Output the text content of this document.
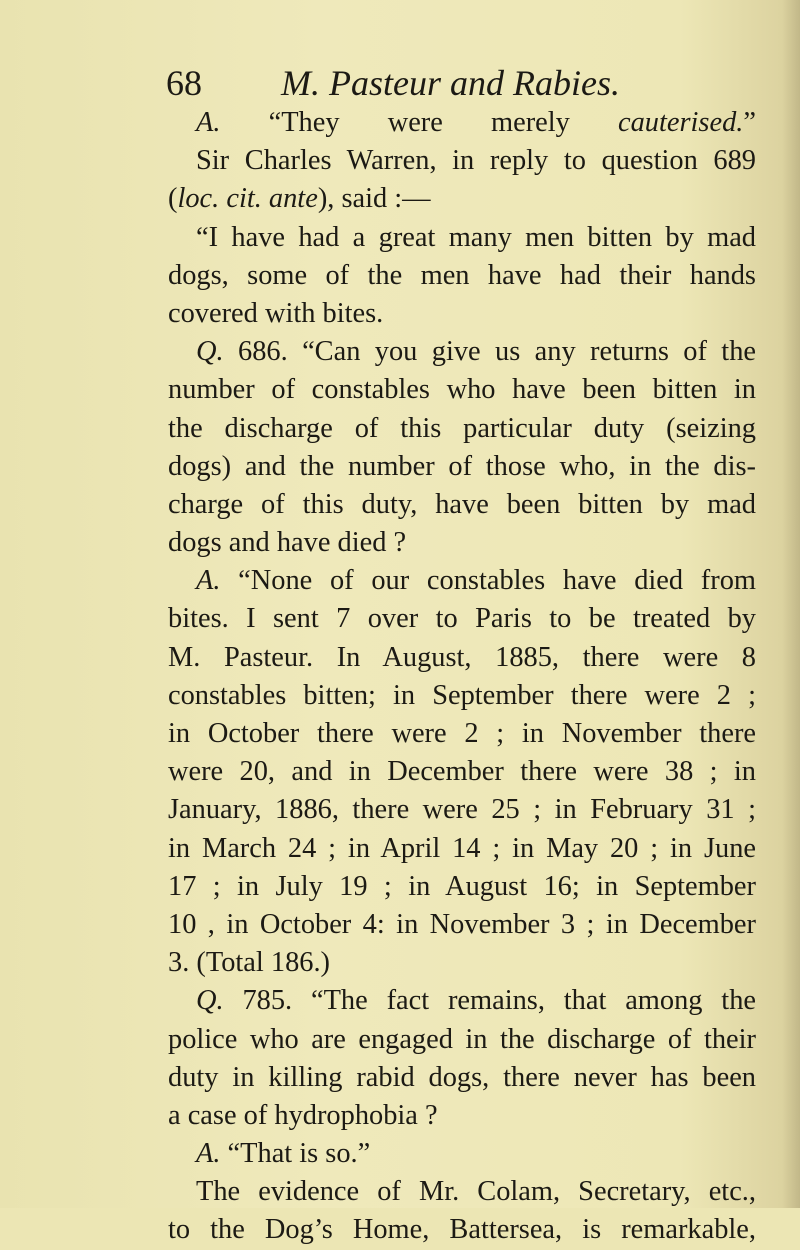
68 M. Pasteur and Rabies.
A. “They were merely cauterised.”
Sir Charles Warren, in reply to question 689
(loc. cit. ante), said :—
“I have had a great many men bitten by mad
dogs, some of the men have had their hands
covered with bites.
Q. 686. “Can you give us any returns of the
number of constables who have been bitten in
the discharge of this particular duty (seizing
dogs) and the number of those who, in the dis-
charge of this duty, have been bitten by mad
dogs and have died ?
A. “None of our constables have died from
bites. I sent 7 over to Paris to be treated by
M. Pasteur. In August, 1885, there were 8
constables bitten; in September there were 2 ;
in October there were 2 ; in November there
were 20, and in December there were 38 ; in
January, 1886, there were 25 ; in February 31 ;
in March 24 ; in April 14 ; in May 20 ; in June
17 ; in July 19 ; in August 16; in September
10 , in October 4: in November 3 ; in December
3. (Total 186.)
Q. 785. “The fact remains, that among the
police who are engaged in the discharge of their
duty in killing rabid dogs, there never has been
a case of hydrophobia ?
A. “That is so.”
The evidence of Mr. Colam, Secretary, etc.,
to the Dog’s Home, Battersea, is remarkable,
